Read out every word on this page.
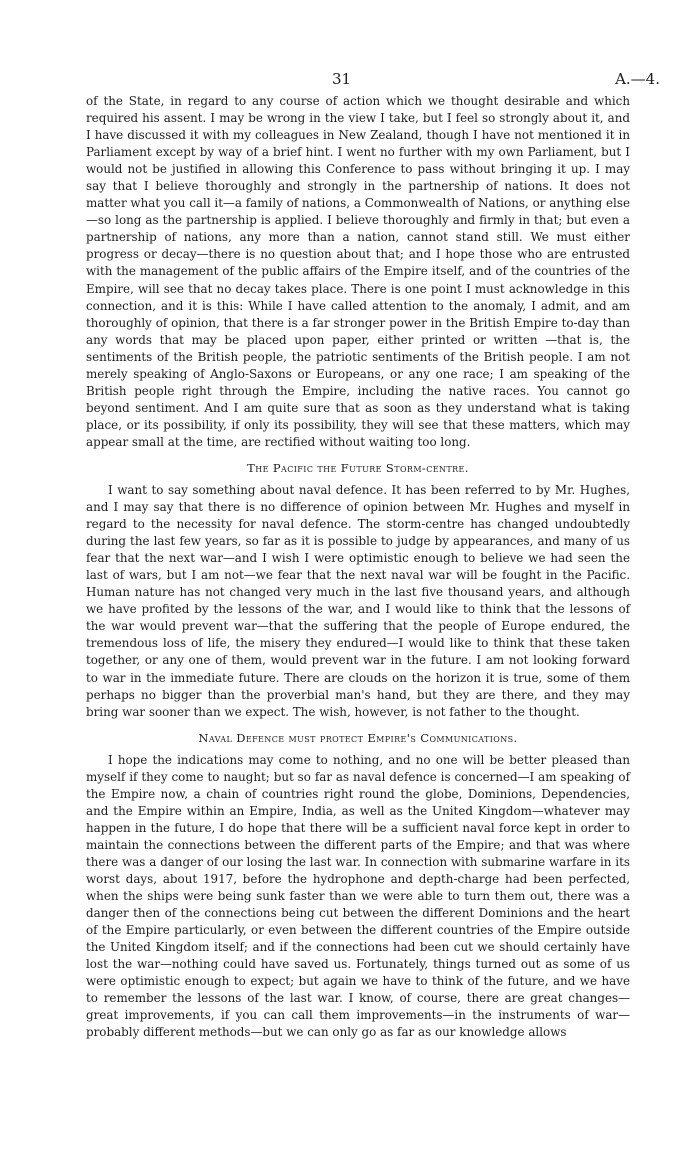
31	A.—4.

of the State, in regard to any course of action which we thought desirable and which required his assent. I may be wrong in the view I take, but I feel so strongly about it, and I have discussed it with my colleagues in New Zealand, though I have not mentioned it in Parliament except by way of a brief hint. I went no further with my own Parliament, but I would not be justified in allowing this Conference to pass without bringing it up. I may say that I believe thoroughly and strongly in the partnership of nations. It does not matter what you call it—a family of nations, a Commonwealth of Nations, or anything else—so long as the partnership is applied. I believe thoroughly and firmly in that; but even a partnership of nations, any more than a nation, cannot stand still. We must either progress or decay—there is no question about that; and I hope those who are entrusted with the management of the public affairs of the Empire itself, and of the countries of the Empire, will see that no decay takes place. There is one point I must acknowledge in this connection, and it is this: While I have called attention to the anomaly, I admit, and am thoroughly of opinion, that there is a far stronger power in the British Empire to-day than any words that may be placed upon paper, either printed or written —that is, the sentiments of the British people, the patriotic sentiments of the British people. I am not merely speaking of Anglo-Saxons or Europeans, or any one race; I am speaking of the British people right through the Empire, including the native races. You cannot go beyond sentiment. And I am quite sure that as soon as they understand what is taking place, or its possibility, if only its possibility, they will see that these matters, which may appear small at the time, are rectified without waiting too long.

The Pacific the Future Storm-centre.

I want to say something about naval defence. It has been referred to by Mr. Hughes, and I may say that there is no difference of opinion between Mr. Hughes and myself in regard to the necessity for naval defence. The storm-centre has changed undoubtedly during the last few years, so far as it is possible to judge by appearances, and many of us fear that the next war—and I wish I were optimistic enough to believe we had seen the last of wars, but I am not—we fear that the next naval war will be fought in the Pacific. Human nature has not changed very much in the last five thousand years, and although we have profited by the lessons of the war, and I would like to think that the lessons of the war would prevent war—that the suffering that the people of Europe endured, the tremendous loss of life, the misery they endured—I would like to think that these taken together, or any one of them, would prevent war in the future. I am not looking forward to war in the immediate future. There are clouds on the horizon it is true, some of them perhaps no bigger than the proverbial man's hand, but they are there, and they may bring war sooner than we expect. The wish, however, is not father to the thought.

Naval Defence must protect Empire's Communications.

I hope the indications may come to nothing, and no one will be better pleased than myself if they come to naught; but so far as naval defence is concerned—I am speaking of the Empire now, a chain of countries right round the globe, Dominions, Dependencies, and the Empire within an Empire, India, as well as the United Kingdom—whatever may happen in the future, I do hope that there will be a sufficient naval force kept in order to maintain the connections between the different parts of the Empire; and that was where there was a danger of our losing the last war. In connection with submarine warfare in its worst days, about 1917, before the hydrophone and depth-charge had been perfected, when the ships were being sunk faster than we were able to turn them out, there was a danger then of the connections being cut between the different Dominions and the heart of the Empire particularly, or even between the different countries of the Empire outside the United Kingdom itself; and if the connections had been cut we should certainly have lost the war—nothing could have saved us. Fortunately, things turned out as some of us were optimistic enough to expect; but again we have to think of the future, and we have to remember the lessons of the last war. I know, of course, there are great changes—great improvements, if you can call them improvements—in the instruments of war—probably different methods—but we can only go as far as our knowledge allows
